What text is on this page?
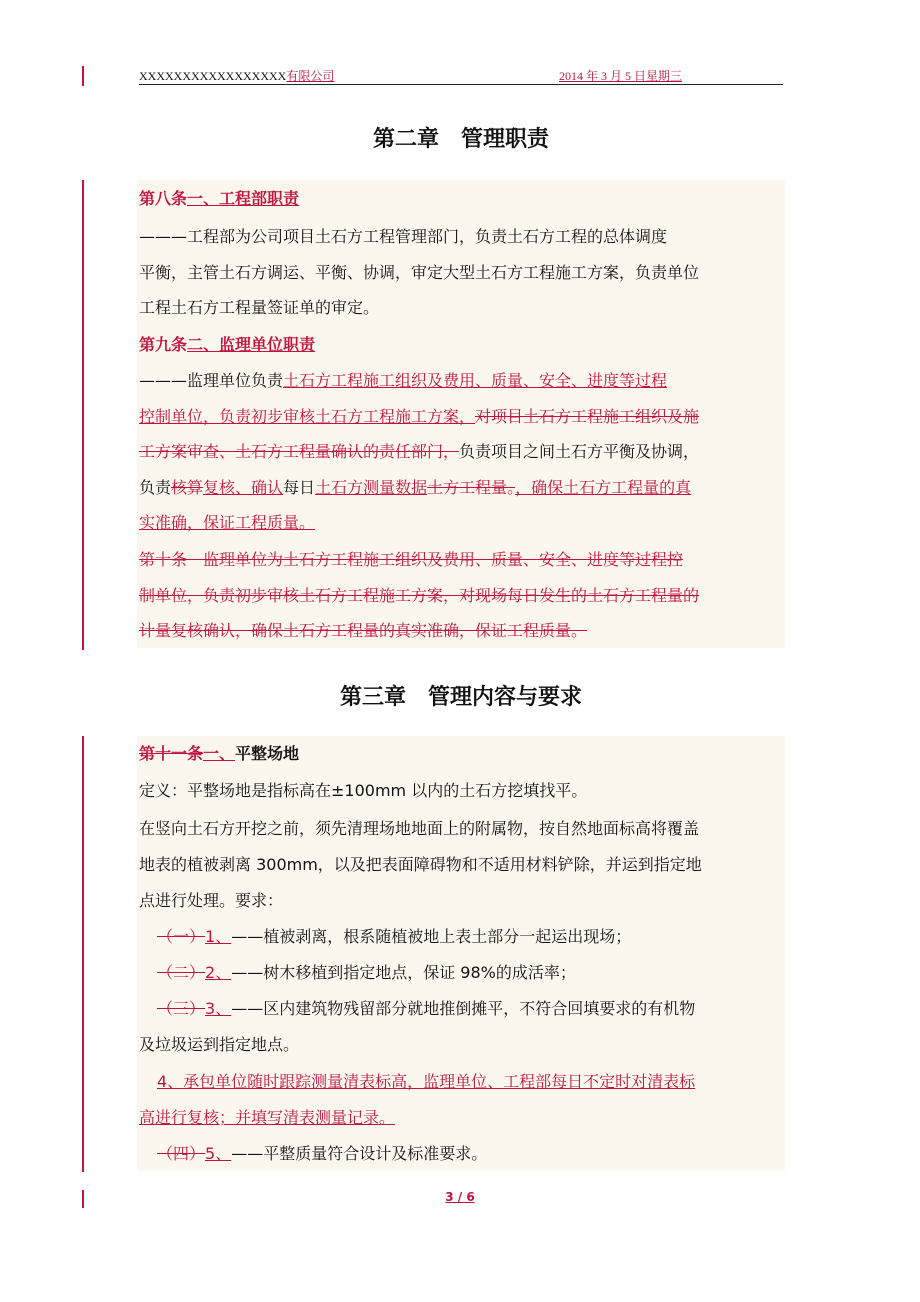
XXXXXXXXXXXXXXXXX有限公司	2014 年 3 月 5 日星期三
第二章　管理职责
第八条一、工程部职责
———工程部为公司项目土石方工程管理部门，负责土石方工程的总体调度
平衡，主管土石方调运、平衡、协调，审定大型土石方工程施工方案，负责单位
工程土石方工程量签证单的审定。
第九条二、监理单位职责
———监理单位负责土石方工程施工组织及费用、质量、安全、进度等过程
控制单位，负责初步审核土石方工程施工方案，对项目土石方工程施工组织及施
工方案审查、土石方工程量确认的责任部门，负责项目之间土石方平衡及协调，
负责核算复核、确认每日土石方测量数据土方工程量。，确保土石方工程量的真
实准确，保证工程质量。
第十条　监理单位为土石方工程施工组织及费用、质量、安全、进度等过程控
制单位，负责初步审核土石方工程施工方案，对现场每日发生的土石方工程量的
计量复核确认，确保土石方工程量的真实准确，保证工程质量。
第三章　管理内容与要求
第十一条一、平整场地
定义：平整场地是指标高在±100mm 以内的土石方挖填找平。
在竖向土石方开挖之前，须先清理场地地面上的附属物，按自然地面标高将覆盖
地表的植被剥离 300mm，以及把表面障碍物和不适用材料铲除，并运到指定地
点进行处理。要求：
（一）1、——植被剥离，根系随植被地上表土部分一起运出现场；
（二）2、——树木移植到指定地点，保证 98%的成活率；
（三）3、——区内建筑物残留部分就地推倒摊平，不符合回填要求的有机物
及垃圾运到指定地点。
4、承包单位随时跟踪测量清表标高，监理单位、工程部每日不定时对清表标
高进行复核；并填写清表测量记录。
（四）5、——平整质量符合设计及标准要求。
3 / 6
